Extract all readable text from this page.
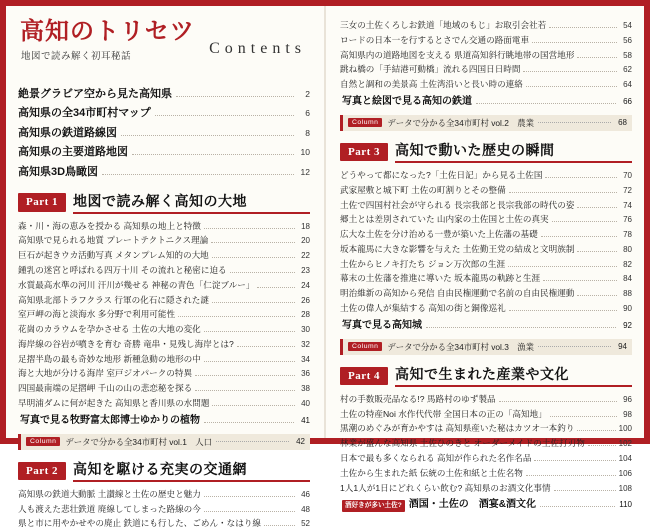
高知のトリセツ
地図で読み解く初耳秘話	Contents
絶景グラビア 空から見た高知県	2
高知県の全34市町村マップ	6
高知県の鉄道路線図	8
高知県の主要道路地図	10
高知県3D鳥瞰図	12
Part 1	地図で読み解く高知の大地
森・川・海の恵みを授かる 高知県の地上と特徴	18
高知県で見られる地質 プレートテクトニクス理論	20
巨石が起きウカ活動写真 メタンプレム知的の大地	22
鍾乳の迷宮と呼ばれる四万十川 その流れと秘密に迫る	23
水質最高水準の河川 汗川が幾せる 神秘の青色「仁淀ブルー」	24
高知県北部トラフクラス 行軍の化石に隠された謎	26
室戸岬の海と淡海水 多分野で利用可能性	28
花崗のカラウムを孕かさせる 土佐の大地の変化	30
海岸線の谷岩が噴きを育む 奇勝 竜串・見残し海岸とは?	32
足摺半島の最も奇妙な地形 新種急動の地形の中	34
海と大地が分ける海岸 室戸ジオパークの特異	36
四国最南端の足摺岬 千山の山の悲恋秘を探る	38
早明浦ダムに何が起きた 高知県と香川県の水問題	40
写真で見る牧野富太郎博士ゆかりの植物	41
Column	データで分かる全34市町村 vol.1　人口	42
Part 2	高知を駆ける充実の交通網
高知県の鉄道大動脈 土讃線と土佐の歴史と魅力	46
人も渡えた悲壮鉄道 廃線してしまった路線の今	48
県と市に用やかせやの廃止 鉄道にも行した、ごめん・なはり線	52
三女の土佐くろしお鉄道「地域のもじ」お取引会社若	54
ロードの日本一を行するとさでん交通の路面電車	56
高知県内の道路地図を支える 県道高知斜行眺地帯の国営地形	58
跳ね橋の「手結港可動橋」流れる四国日日時間	62
自然と調和の美景高 土佐湾沿いと長い時の連絡	64
写真と絵図で見る高知の鉄道	66
Column	データで分かる全34市町村 vol.2　農業	68
Part 3	高知で動いた歴史の瞬間
どうやって都になった?「土佐日記」から見る土佐国	70
武家屋敷と城下町 土佐の町割りとその整備	72
土佐で四国村社会が守られる 長宗我部と長宗我部の時代の姿	74
郷土とは差別されていた 山内家の土佐国と土佐の真実	76
広大な土佐を分け治める一豊が築いた上佐藩の基礎	78
坂本龍馬に大きな影響を与えた 土佐勤王党の結成と文明族制	80
土佐からヒノキ打たち ジョン万次郎の生涯	82
幕末の土佐藩を推進に導いた 坂本龍馬の軌跡と生涯	84
明治維新の高知から発信 自由民権運動で名前の自由民権運動	88
土佐の偉人が集結する 高知の街と銅像巡礼	90
写真で見る高知城	92
Column	データで分かる全34市町村 vol.3　漁業	94
Part 4	高知で生まれた産業や文化
村の手数販売品なる!? 馬路村のゆず製品	96
土佐の特産Noi 水作代代帯 全国日本の正の「高知地」	98
黒潮のめぐみが育かやすは 高知県産いた秘はカツオ一本釣り	100
林業が盛んな高知県 土佐ひのきと オーダーメイドの土佐打刃物	102
日本で最も多くなられる 高知が作られた名作名品	104
土佐から生まれた紙 伝統の土佐和紙と土佐名物	106
1人1人が1日にどれくらい飲む? 高知県のお酒文化事情	108
酒好きが多い土佐? 酒国・土佐の　酒宴&酒文化	110
